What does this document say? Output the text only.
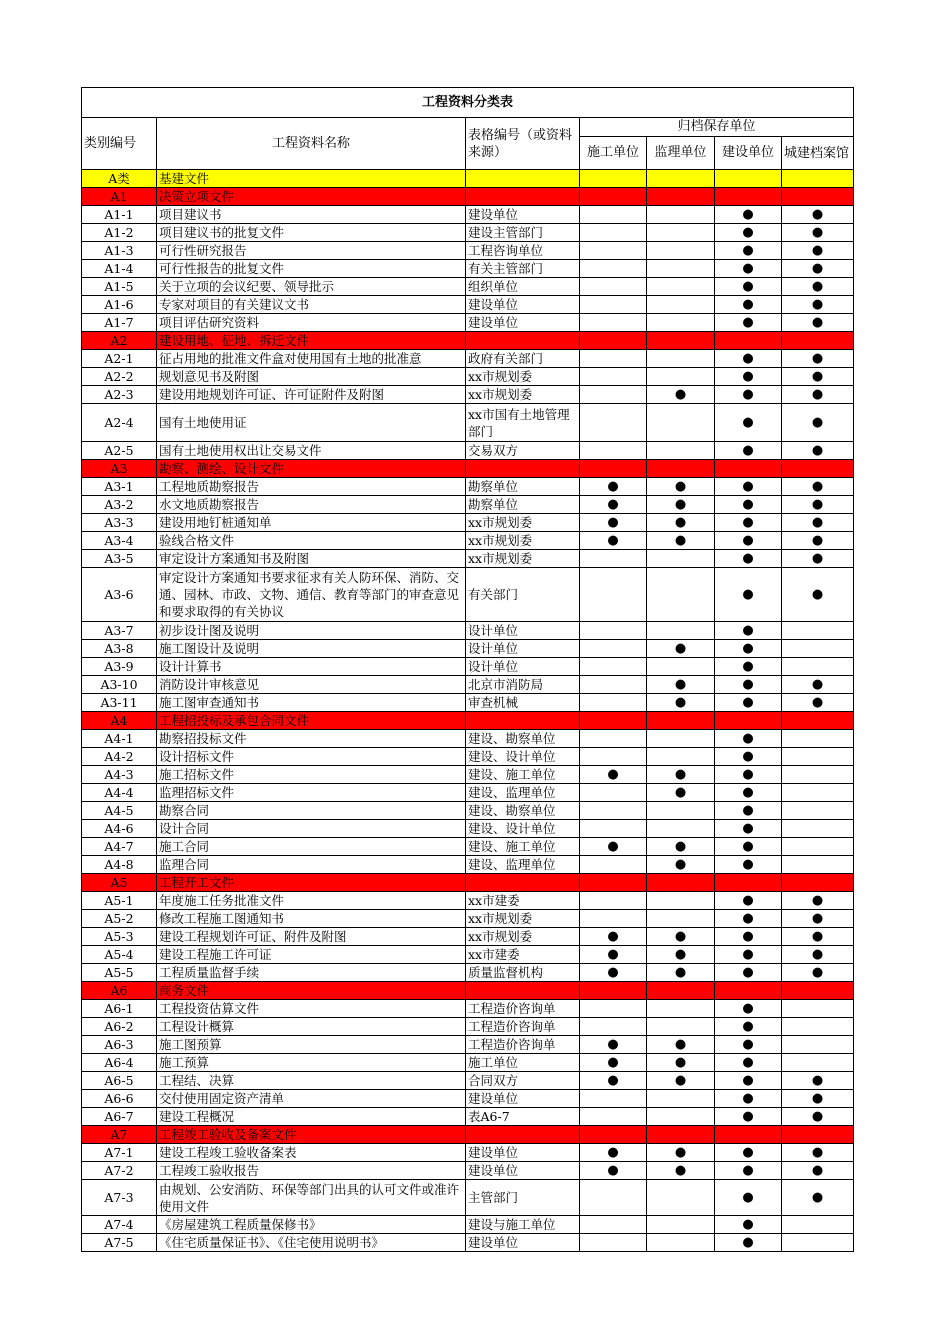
工程资料分类表						
类别编号	工程资料名称	表格编号（或资料来源）	归档保存单位			
			施工单位	监理单位	建设单位	城建档案馆
A类	基建文件					
A1	决策立项文件					
A1-1	项目建议书	建设单位			●	●
A1-2	项目建议书的批复文件	建设主管部门			●	●
A1-3	可行性研究报告	工程咨询单位			●	●
A1-4	可行性报告的批复文件	有关主管部门			●	●
A1-5	关于立项的会议纪要、领导批示	组织单位			●	●
A1-6	专家对项目的有关建议文书	建设单位			●	●
A1-7	项目评估研究资料	建设单位			●	●
A2	建设用地、征地、拆迁文件					
A2-1	征占用地的批准文件盒对使用国有土地的批准意	政府有关部门			●	●
A2-2	规划意见书及附图	xx市规划委			●	●
A2-3	建设用地规划许可证、许可证附件及附图	xx市规划委		●	●	●
A2-4	国有土地使用证	xx市国有土地管理部门			●	●
A2-5	国有土地使用权出让交易文件	交易双方			●	●
A3	勘察、测绘、设计文件					
A3-1	工程地质勘察报告	勘察单位	●	●	●	●
A3-2	水文地质勘察报告	勘察单位	●	●	●	●
A3-3	建设用地钉桩通知单	xx市规划委	●	●	●	●
A3-4	验线合格文件	xx市规划委	●	●	●	●
A3-5	审定设计方案通知书及附图	xx市规划委			●	●
A3-6	审定设计方案通知书要求征求有关人防环保、消防、交通、园林、市政、文物、通信、教育等部门的审查意见和要求取得的有关协议	有关部门			●	●
A3-7	初步设计图及说明	设计单位			●	
A3-8	施工图设计及说明	设计单位		●	●	
A3-9	设计计算书	设计单位			●	
A3-10	消防设计审核意见	北京市消防局		●	●	●
A3-11	施工图审查通知书	审查机械		●	●	●
A4	工程招投标及承包合同文件					
A4-1	勘察招投标文件	建设、勘察单位			●	
A4-2	设计招标文件	建设、设计单位			●	
A4-3	施工招标文件	建设、施工单位	●	●	●	
A4-4	监理招标文件	建设、监理单位		●	●	
A4-5	勘察合同	建设、勘察单位			●	
A4-6	设计合同	建设、设计单位			●	
A4-7	施工合同	建设、施工单位	●	●	●	
A4-8	监理合同	建设、监理单位		●	●	
A5	工程开工文件					
A5-1	年度施工任务批准文件	xx市建委			●	●
A5-2	修改工程施工图通知书	xx市规划委			●	●
A5-3	建设工程规划许可证、附件及附图	xx市规划委	●	●	●	●
A5-4	建设工程施工许可证	xx市建委	●	●	●	●
A5-5	工程质量监督手续	质量监督机构	●	●	●	●
A6	商务文件					
A6-1	工程投资估算文件	工程造价咨询单			●	
A6-2	工程设计概算	工程造价咨询单			●	
A6-3	施工图预算	工程造价咨询单	●	●	●	
A6-4	施工预算	施工单位	●	●	●	
A6-5	工程结、决算	合同双方	●	●	●	●
A6-6	交付使用固定资产清单	建设单位			●	●
A6-7	建设工程概况	表A6-7			●	●
A7	工程竣工验收及备案文件					
A7-1	建设工程竣工验收备案表	建设单位	●	●	●	●
A7-2	工程竣工验收报告	建设单位	●	●	●	●
A7-3	由规划、公安消防、环保等部门出具的认可文件或准许使用文件	主管部门			●	●
A7-4	《房屋建筑工程质量保修书》	建设与施工单位			●	
A7-5	《住宅质量保证书》、《住宅使用说明书》	建设单位			●	
